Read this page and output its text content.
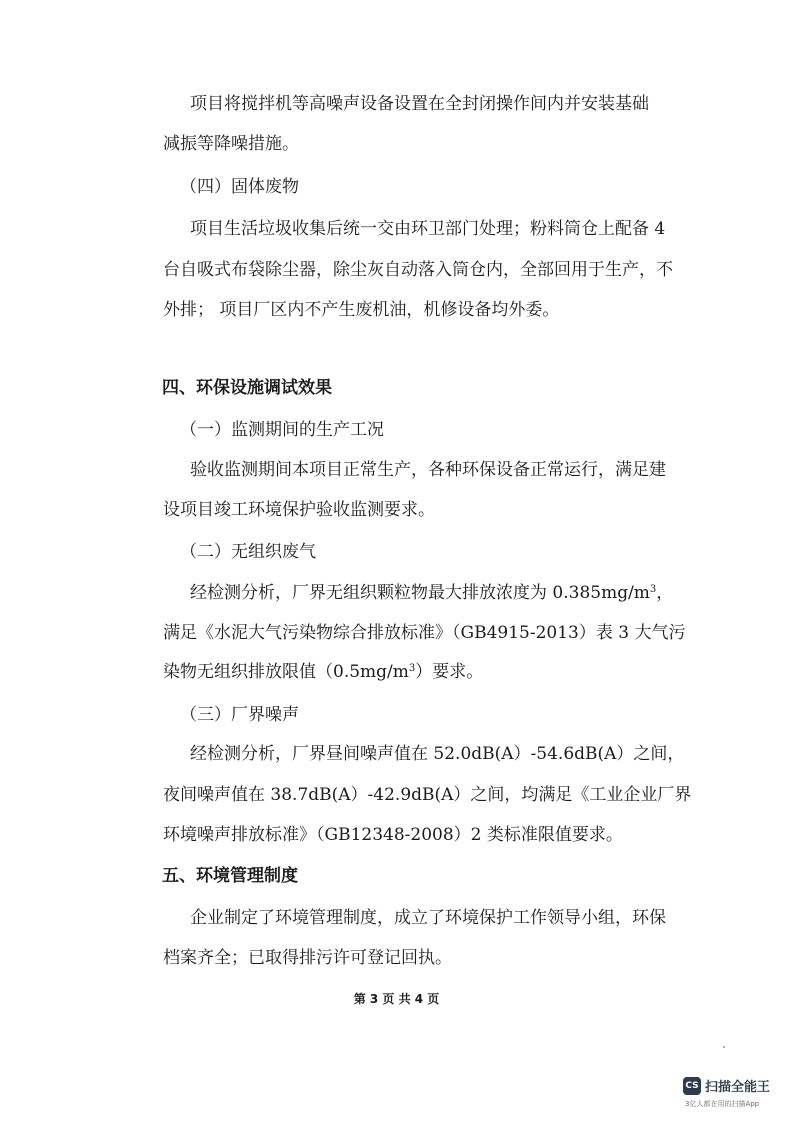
项目将搅拌机等高噪声设备设置在全封闭操作间内并安装基础
减振等降噪措施。
（四）固体废物
项目生活垃圾收集后统一交由环卫部门处理；粉料筒仓上配备 4
台自吸式布袋除尘器，除尘灰自动落入筒仓内，全部回用于生产，不
外排； 项目厂区内不产生废机油，机修设备均外委。
四、环保设施调试效果
（一）监测期间的生产工况
验收监测期间本项目正常生产，各种环保设备正常运行，满足建
设项目竣工环境保护验收监测要求。
（二）无组织废气
经检测分析，厂界无组织颗粒物最大排放浓度为 $0.385mg/m^3$，
满足《水泥大气污染物综合排放标准》（GB4915-2013）表 3 大气污
染物无组织排放限值$(0.5mg/m^3)$要求。
（三）厂界噪声
经检测分析，厂界昼间噪声值在 52.0dB(A）-54.6dB(A）之间，
夜间噪声值在 38.7dB(A）-42.9dB(A）之间，均满足《工业企业厂界
环境噪声排放标准》（GB12348-2008）2 类标准限值要求。
五、环境管理制度
企业制定了环境管理制度，成立了环境保护工作领导小组，环保
档案齐全；已取得排污许可登记回执。
第 3 页 共 4 页
CS 扫描全能王
3亿人都在用的扫描App
